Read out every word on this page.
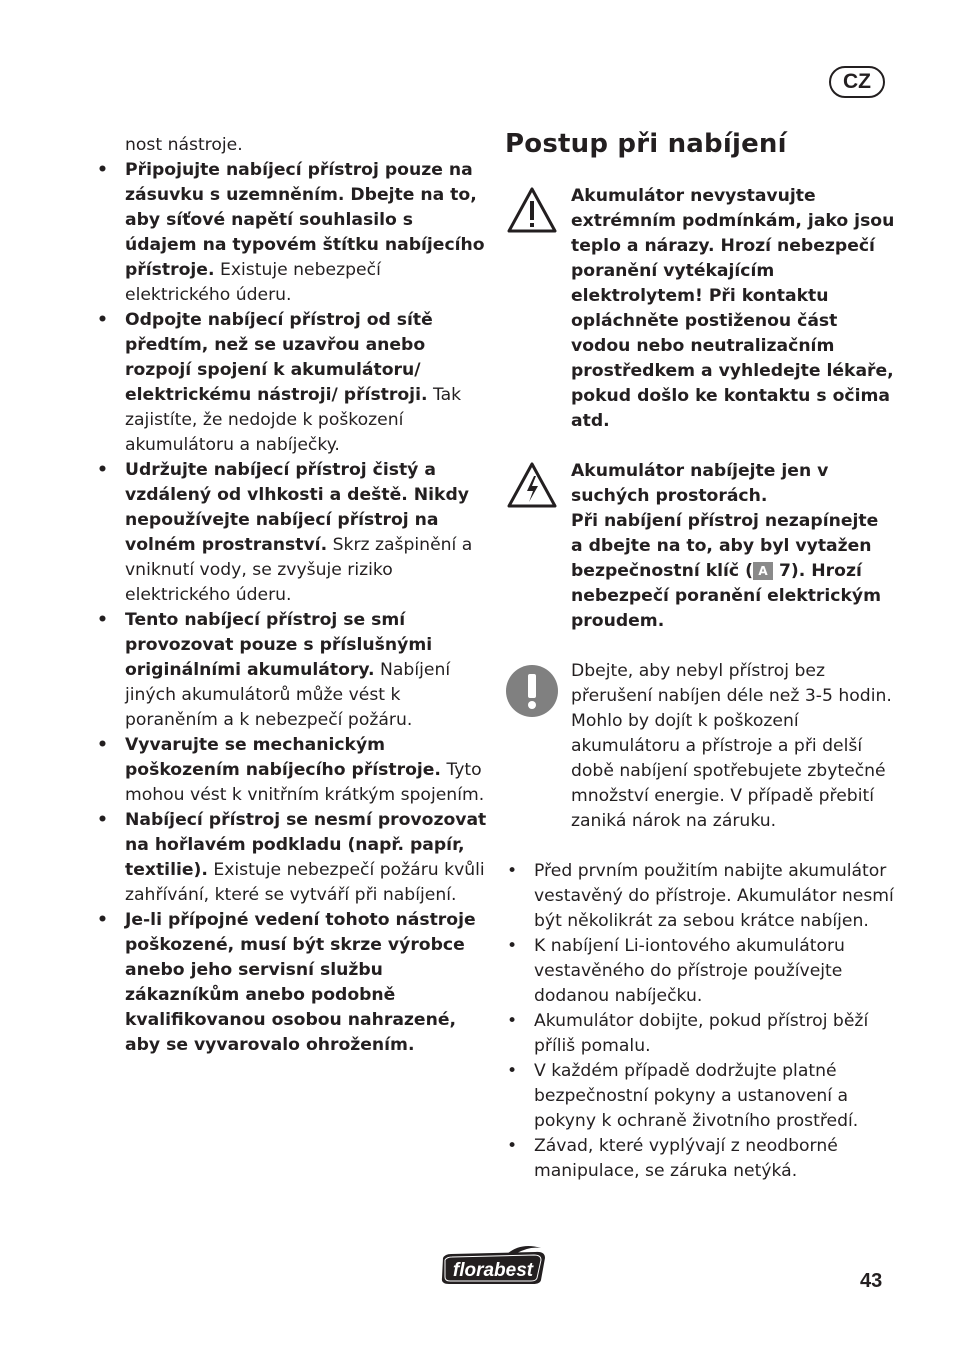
CZ
nost nástroje.
• Připojujte nabíjecí přístroj pouze na zásuvku s uzemněním. Dbejte na to, aby síťové napětí souhlasilo s údajem na typovém štítku nabíjecího přístroje. Existuje nebezpečí elektrického úderu.
• Odpojte nabíjecí přístroj od sítě předtím, než se uzavřou anebo rozpojí spojení k akumulátoru/ elektrickému nástroji/ přístroji. Tak zajistíte, že nedojde k poškození akumulátoru a nabíječky.
• Udržujte nabíjecí přístroj čistý a vzdálený od vlhkosti a deště. Nikdy nepoužívejte nabíjecí přístroj na volném prostranství. Skrz zašpinění a vniknutí vody, se zvyšuje riziko elektrického úderu.
• Tento nabíjecí přístroj se smí provozovat pouze s příslušnými originálními akumulátory. Nabíjení jiných akumulátorů může vést k poraněním a k nebezpečí požáru.
• Vyvarujte se mechanickým poškozením nabíjecího přístroje. Tyto mohou vést k vnitřním krátkým spojením.
• Nabíjecí přístroj se nesmí provozovat na hořlavém podkladu (např. papír, textilie). Existuje nebezpečí požáru kvůli zahřívání, které se vytváří při nabíjení.
• Je-li přípojné vedení tohoto nástroje poškozené, musí být skrze výrobce anebo jeho servisní službu zákazníkům anebo podobně kvalifikovanou osobou nahrazené, aby se vyvarovalo ohrožením.
Postup při nabíjení
Akumulátor nevystavujte extrémním podmínkám, jako jsou teplo a nárazy. Hrozí nebezpečí poranění vytékajícím elektrolytem! Při kontaktu opláchněte postiženou část vodou nebo neutralizačním prostředkem a vyhledejte lékaře, pokud došlo ke kontaktu s očima atd.
Akumulátor nabíjejte jen v suchých prostorách.
Při nabíjení přístroj nezapínejte a dbejte na to, aby byl vytažen bezpečnostní klíč ( A 7). Hrozí nebezpečí poranění elektrickým proudem.
Dbejte, aby nebyl přístroj bez přerušení nabíjen déle než 3-5 hodin. Mohlo by dojít k poškození akumulátoru a přístroje a při delší době nabíjení spotřebujete zbytečné množství energie. V případě přebití zaniká nárok na záruku.
• Před prvním použitím nabijte akumulátor vestavěný do přístroje. Akumulátor nesmí být několikrát za sebou krátce nabíjen.
• K nabíjení Li-iontového akumulátoru vestavěného do přístroje používejte dodanou nabíječku.
• Akumulátor dobijte, pokud přístroj běží příliš pomalu.
• V každém případě dodržujte platné bezpečnostní pokyny a ustanovení a pokyny k ochraně životního prostředí.
• Závad, které vyplývají z neodborné manipulace, se záruka netýká.
florabest	43
